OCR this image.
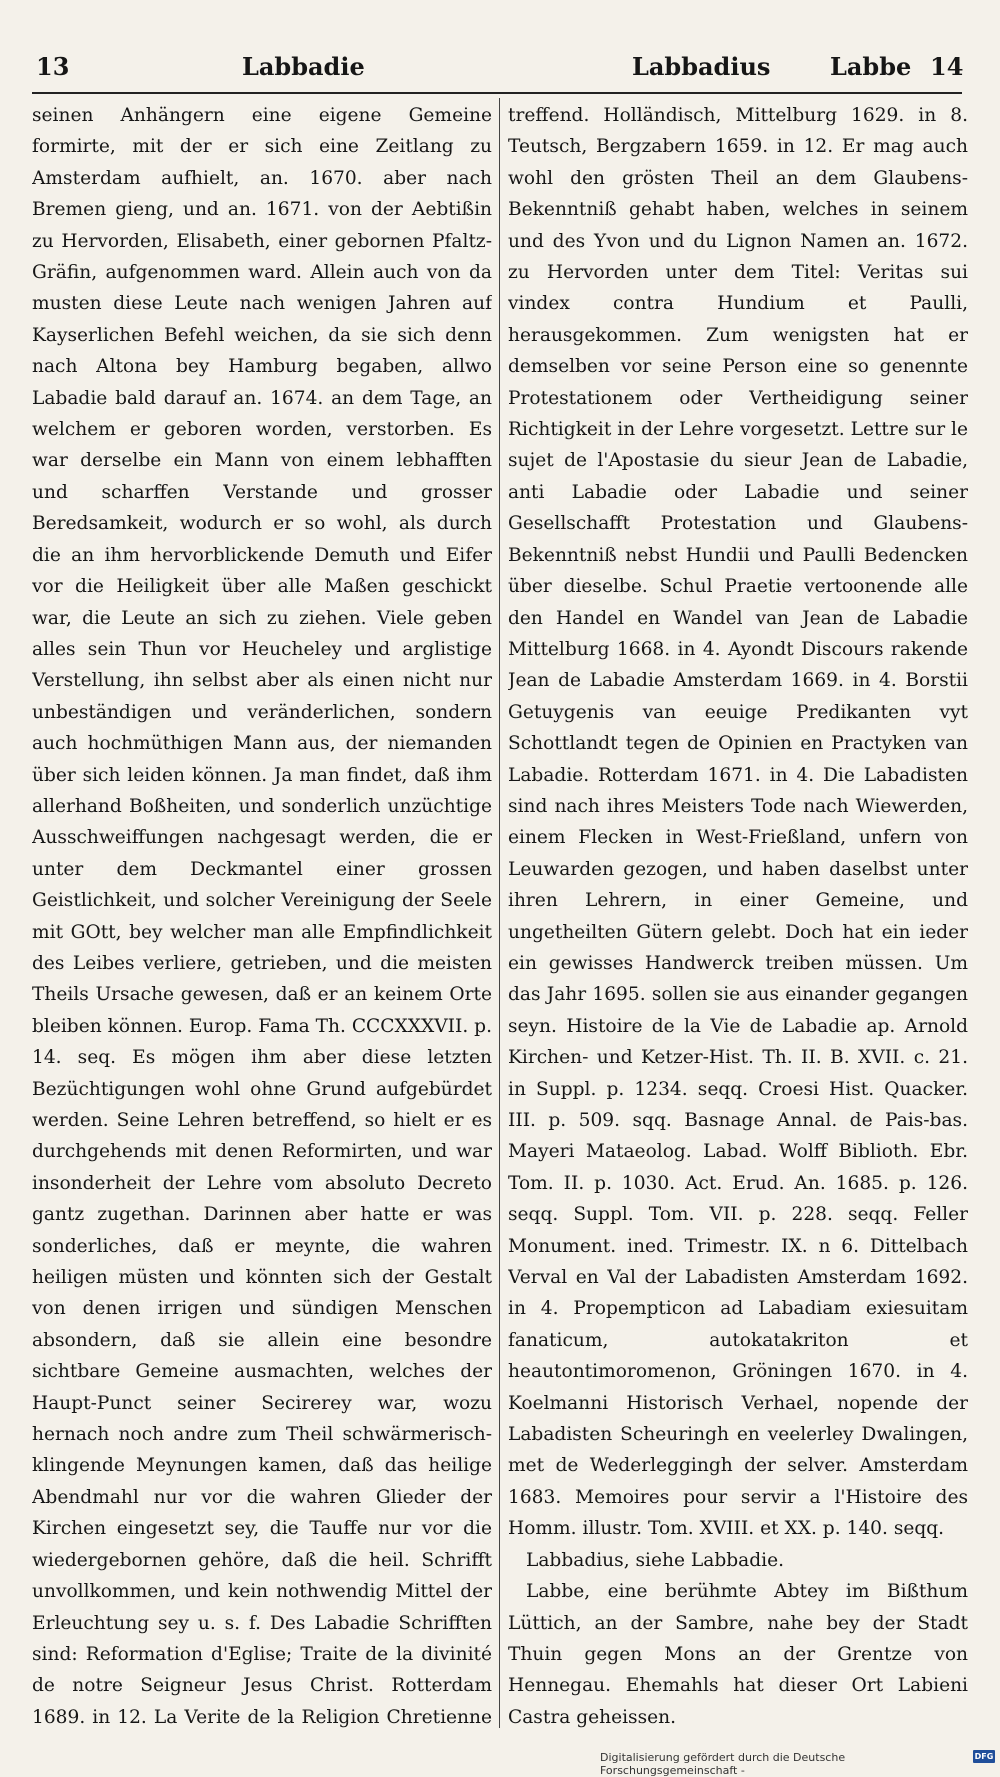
13	Labbadie	Labbadius Labbe 14

seinen Anhängern eine eigene Gemeine formirte, mit der er sich eine Zeitlang zu Amsterdam aufhielt, an. 1670. aber nach Bremen gieng, und an. 1671. von der Aebtißin zu Hervorden, Elisabeth, einer gebornen Pfaltz-Gräfin, aufgenommen ward. Allein auch von da musten diese Leute nach wenigen Jahren auf Kayserlichen Befehl weichen, da sie sich denn nach Altona bey Hamburg begaben, allwo Labadie bald darauf an. 1674. an dem Tage, an welchem er geboren worden, verstorben. Es war derselbe ein Mann von einem lebhafften und scharffen Verstande und grosser Beredsamkeit, wodurch er so wohl, als durch die an ihm hervorblickende Demuth und Eifer vor die Heiligkeit über alle Maßen geschickt war, die Leute an sich zu ziehen. Viele geben alles sein Thun vor Heucheley und arglistige Verstellung, ihn selbst aber als einen nicht nur unbeständigen und veränderlichen, sondern auch hochmüthigen Mann aus, der niemanden über sich leiden können. Ja man findet, daß ihm allerhand Boßheiten, und sonderlich unzüchtige Ausschweiffungen nachgesagt werden, die er unter dem Deckmantel einer grossen Geistlichkeit, und solcher Vereinigung der Seele mit GOtt, bey welcher man alle Empfindlichkeit des Leibes verliere, getrieben, und die meisten Theils Ursache gewesen, daß er an keinem Orte bleiben können. Europ. Fama Th. CCCXXXVII. p. 14. seq. Es mögen ihm aber diese letzten Bezüchtigungen wohl ohne Grund aufgebürdet werden. Seine Lehren betreffend, so hielt er es durchgehends mit denen Reformirten, und war insonderheit der Lehre vom absoluto Decreto gantz zugethan. Darinnen aber hatte er was sonderliches, daß er meynte, die wahren heiligen müsten und könnten sich der Gestalt von denen irrigen und sündigen Menschen absondern, daß sie allein eine besondre sichtbare Gemeine ausmachten, welches der Haupt-Punct seiner Secirerey war, wozu hernach noch andre zum Theil schwärmerisch-klingende Meynungen kamen, daß das heilige Abendmahl nur vor die wahren Glieder der Kirchen eingesetzt sey, die Tauffe nur vor die wiedergebornen gehöre, daß die heil. Schrifft unvollkommen, und kein nothwendig Mittel der Erleuchtung sey u. s. f. Des Labadie Schrifften sind: Reformation d'Eglise; Traite de la divinité de notre Seigneur Jesus Christ. Rotterdam 1689. in 12. La Verite de la Religion Chretienne

treffend. Holländisch, Mittelburg 1629. in 8. Teutsch, Bergzabern 1659. in 12. Er mag auch wohl den grösten Theil an dem Glaubens-Bekenntniß gehabt haben, welches in seinem und des Yvon und du Lignon Namen an. 1672. zu Hervorden unter dem Titel: Veritas sui vindex contra Hundium et Paulli, herausgekommen. Zum wenigsten hat er demselben vor seine Person eine so genennte Protestationem oder Vertheidigung seiner Richtigkeit in der Lehre vorgesetzt. Lettre sur le sujet de l'Apostasie du sieur Jean de Labadie, anti Labadie oder Labadie und seiner Gesellschafft Protestation und Glaubens-Bekenntniß nebst Hundii und Paulli Bedencken über dieselbe. Schul Praetie vertoonende alle den Handel en Wandel van Jean de Labadie Mittelburg 1668. in 4. Ayondt Discours rakende Jean de Labadie Amsterdam 1669. in 4. Borstii Getuygenis van eeuige Predikanten vyt Schottlandt tegen de Opinien en Practyken van Labadie. Rotterdam 1671. in 4. Die Labadisten sind nach ihres Meisters Tode nach Wiewerden, einem Flecken in West-Frießland, unfern von Leuwarden gezogen, und haben daselbst unter ihren Lehrern, in einer Gemeine, und ungetheilten Gütern gelebt. Doch hat ein ieder ein gewisses Handwerck treiben müssen. Um das Jahr 1695. sollen sie aus einander gegangen seyn. Histoire de la Vie de Labadie ap. Arnold Kirchen- und Ketzer-Hist. Th. II. B. XVII. c. 21. in Suppl. p. 1234. seqq. Croesi Hist. Quacker. III. p. 509. sqq. Basnage Annal. de Pais-bas. Mayeri Mataeolog. Labad. Wolff Biblioth. Ebr. Tom. II. p. 1030. Act. Erud. An. 1685. p. 126. seqq. Suppl. Tom. VII. p. 228. seqq. Feller Monument. ined. Trimestr. IX. n 6. Dittelbach Verval en Val der Labadisten Amsterdam 1692. in 4. Propempticon ad Labadiam exiesuitam fanaticum, autokatakriton et heautontimoromenon, Gröningen 1670. in 4. Koelmanni Historisch Verhael, nopende der Labadisten Scheuringh en veelerley Dwalingen, met de Wederleggingh der selver. Amsterdam 1683. Memoires pour servir a l'Histoire des Homm. illustr. Tom. XVIII. et XX. p. 140. seqq.

Labbadius, siehe Labbadie.

Labbe, eine berühmte Abtey im Bißthum Lüttich, an der Sambre, nahe bey der Stadt Thuin gegen Mons an der Grentze von Hennegau. Ehemahls hat dieser Ort Labieni Castra geheissen.

Digitalisierung gefördert durch die Deutsche Forschungsgemeinschaft -
DFG
